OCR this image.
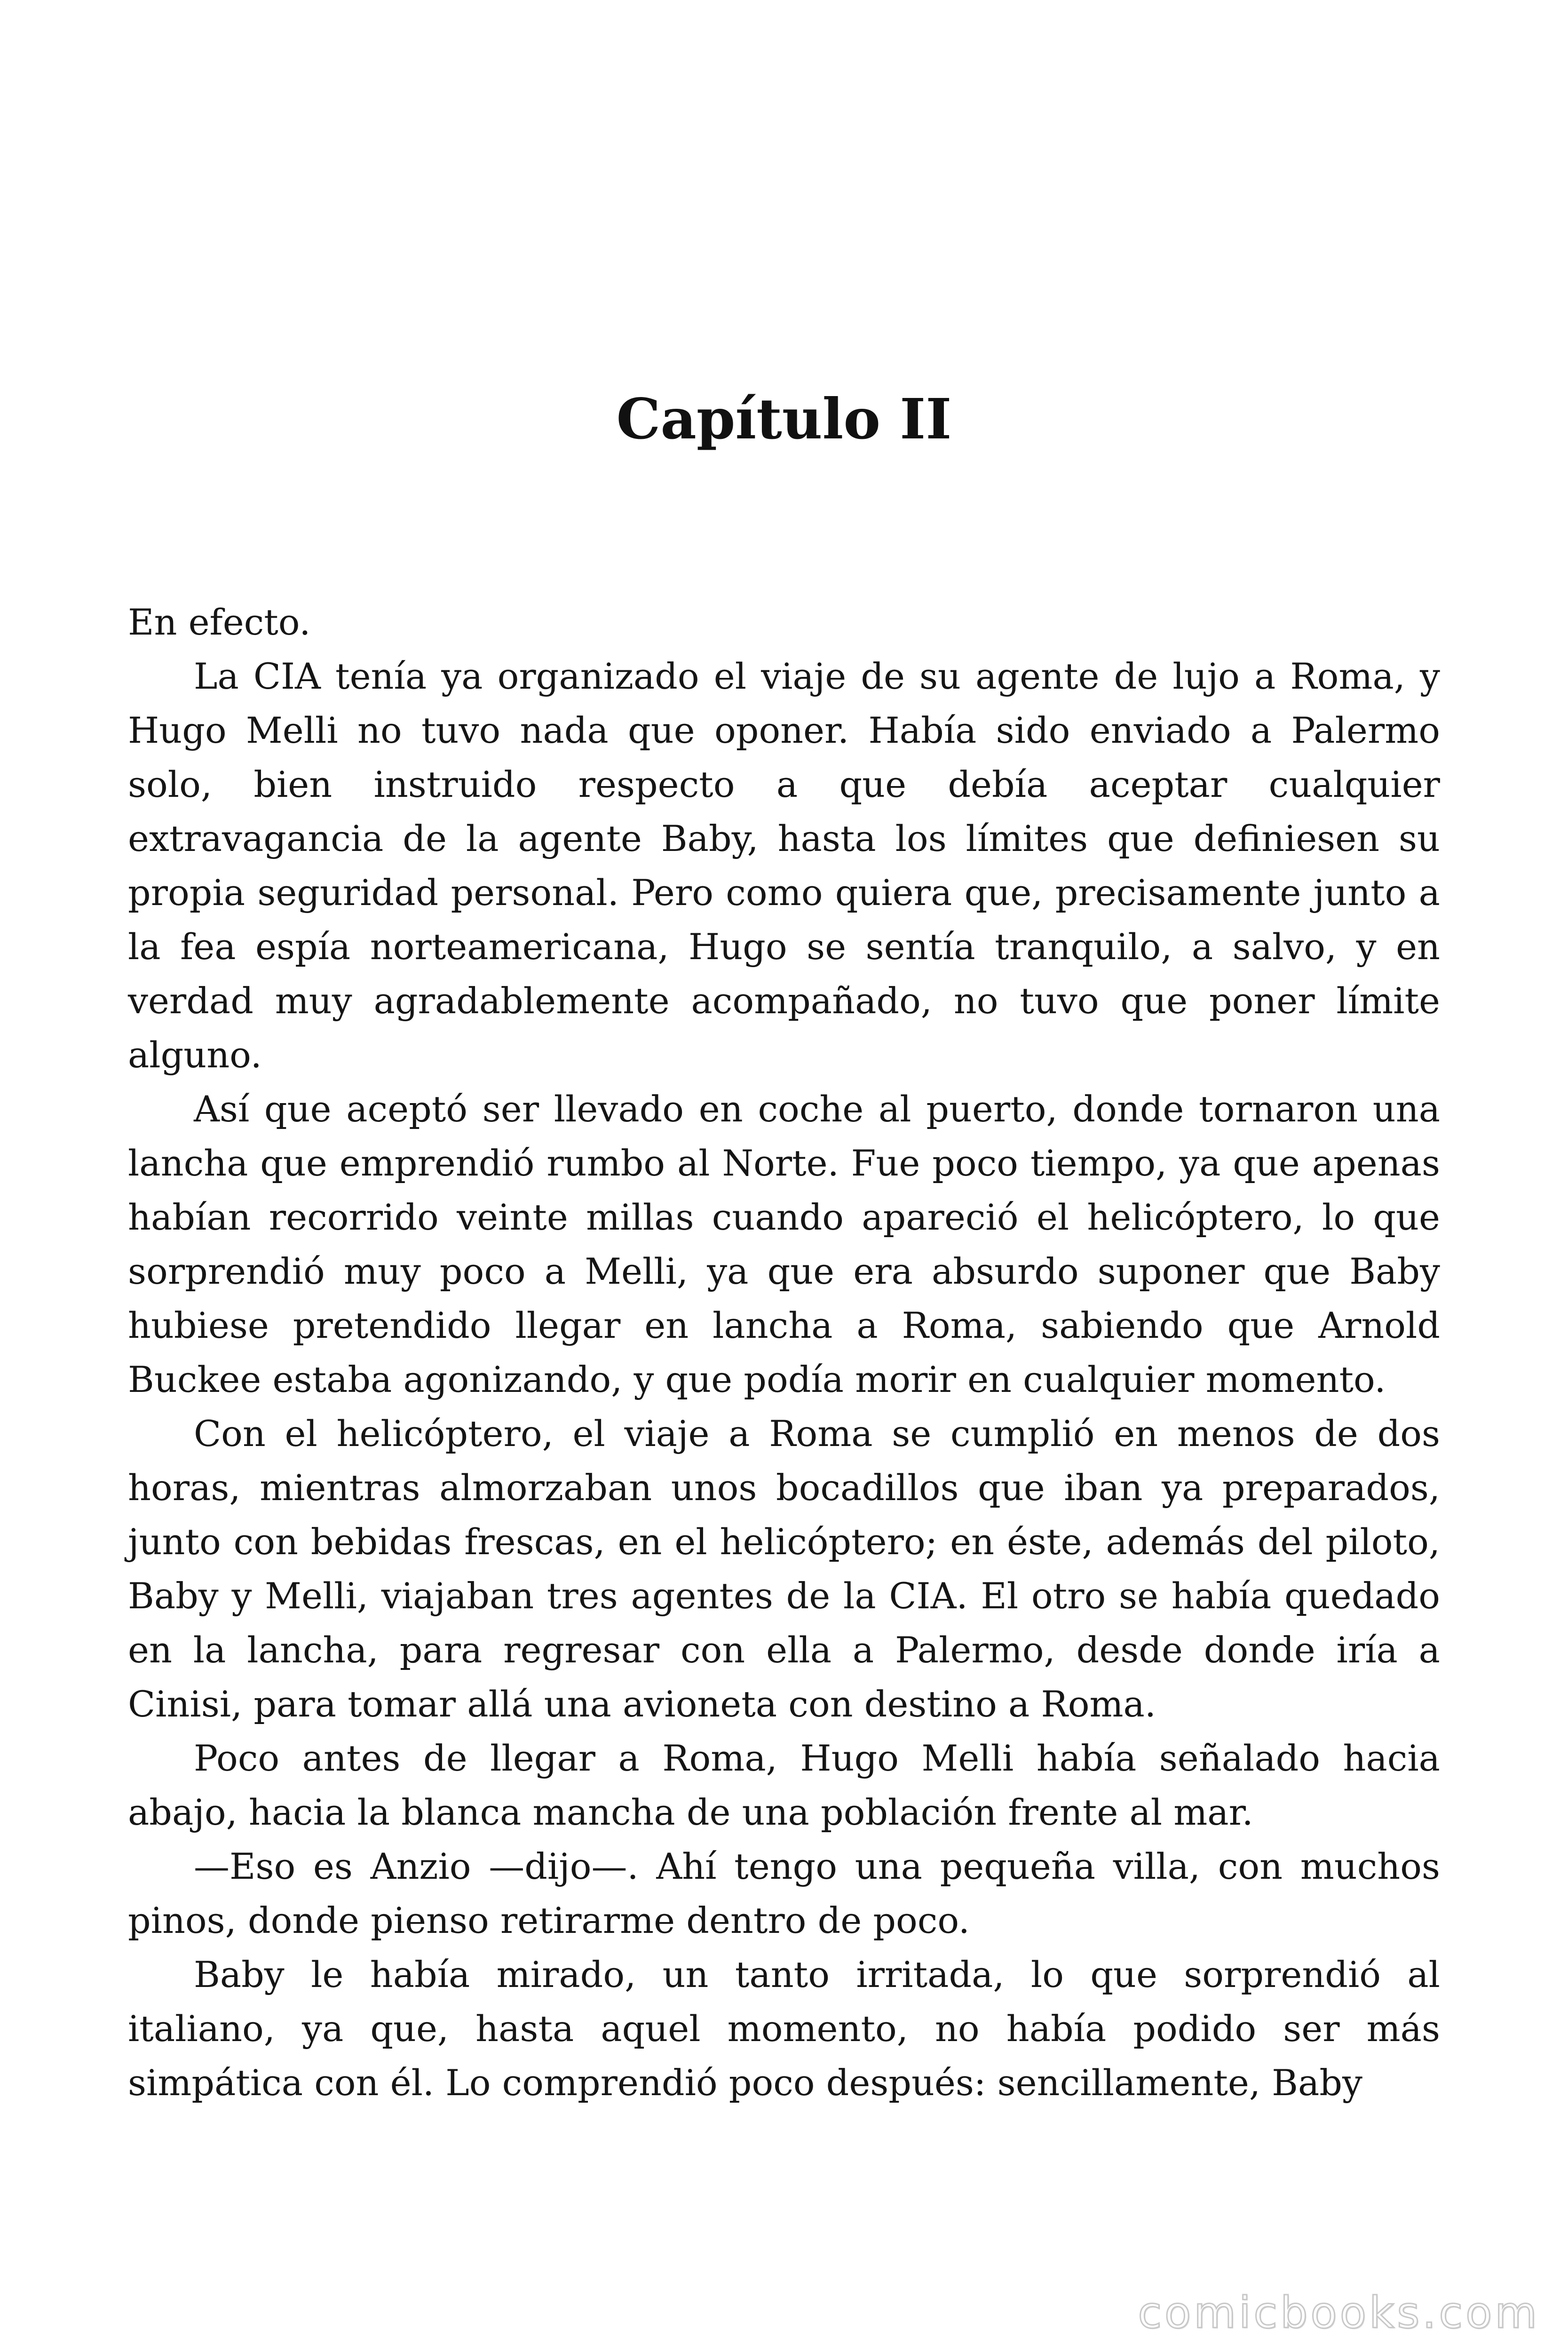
Capítulo II

En efecto.

La CIA tenía ya organizado el viaje de su agente de lujo a Roma, y Hugo Melli no tuvo nada que oponer. Había sido enviado a Palermo solo, bien instruido respecto a que debía aceptar cualquier extravagancia de la agente Baby, hasta los límites que definiesen su propia seguridad personal. Pero como quiera que, precisamente junto a la fea espía norteamericana, Hugo se sentía tranquilo, a salvo, y en verdad muy agradablemente acompañado, no tuvo que poner límite alguno.

Así que aceptó ser llevado en coche al puerto, donde tornaron una lancha que emprendió rumbo al Norte. Fue poco tiempo, ya que apenas habían recorrido veinte millas cuando apareció el helicóptero, lo que sorprendió muy poco a Melli, ya que era absurdo suponer que Baby hubiese pretendido llegar en lancha a Roma, sabiendo que Arnold Buckee estaba agonizando, y que podía morir en cualquier momento.

Con el helicóptero, el viaje a Roma se cumplió en menos de dos horas, mientras almorzaban unos bocadillos que iban ya preparados, junto con bebidas frescas, en el helicóptero; en éste, además del piloto, Baby y Melli, viajaban tres agentes de la CIA. El otro se había quedado en la lancha, para regresar con ella a Palermo, desde donde iría a Cinisi, para tomar allá una avioneta con destino a Roma.

Poco antes de llegar a Roma, Hugo Melli había señalado hacia abajo, hacia la blanca mancha de una población frente al mar.

—Eso es Anzio —dijo—. Ahí tengo una pequeña villa, con muchos pinos, donde pienso retirarme dentro de poco.

Baby le había mirado, un tanto irritada, lo que sorprendió al italiano, ya que, hasta aquel momento, no había podido ser más simpática con él. Lo comprendió poco después: sencillamente, Baby

comicbooks.com
